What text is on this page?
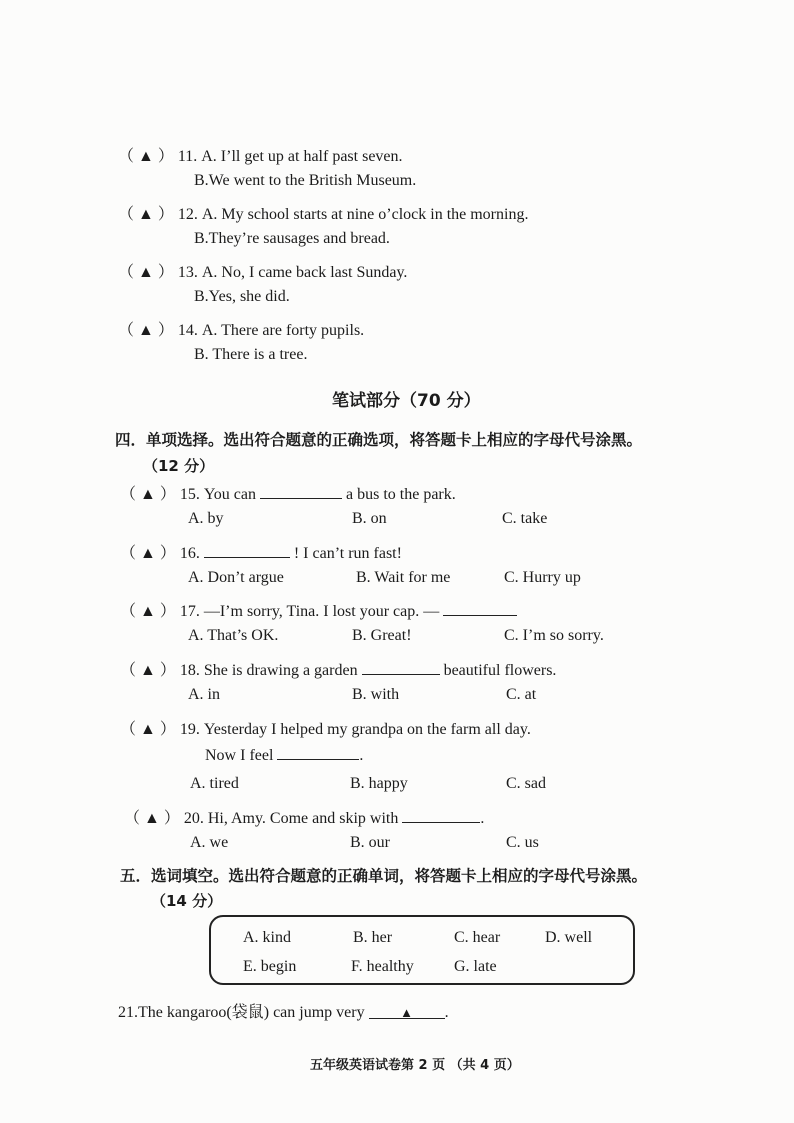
（ ▲ ） 11. A. I’ll get up at half past seven.
B.We went to the British Museum.
（ ▲ ） 12. A. My school starts at nine o’clock in the morning.
B.They’re sausages and bread.
（ ▲ ） 13. A. No, I came back last Sunday.
B.Yes, she did.
（ ▲ ） 14. A. There are forty pupils.
B. There is a tree.
笔试部分（70 分）
四．单项选择。选出符合题意的正确选项，将答题卡上相应的字母代号涂黑。
（12 分）
（ ▲ ） 15. You can	a bus to the park.
A. by	B. on	C. take
（ ▲ ） 16.	! I can’t run fast!
A. Don’t argue	B. Wait for me	C. Hurry up
（ ▲ ） 17. —I’m sorry, Tina. I lost your cap. —
A. That’s OK.	B. Great!	C. I’m so sorry.
（ ▲ ） 18. She is drawing a garden	beautiful flowers.
A. in	B. with	C. at
（ ▲ ） 19. Yesterday I helped my grandpa on the farm all day.
Now I feel	.
A. tired	B. happy	C. sad
（ ▲ ） 20. Hi, Amy. Come and skip with	.
A. we	B. our	C. us
五．选词填空。选出符合题意的正确单词，将答题卡上相应的字母代号涂黑。
（14 分）
A. kind	B. her	C. hear	D. well
E. begin	F. healthy	G. late
21.The kangaroo(袋鼠) can jump very	▲ .
五年级英语试卷第 2 页 （共 4 页）
